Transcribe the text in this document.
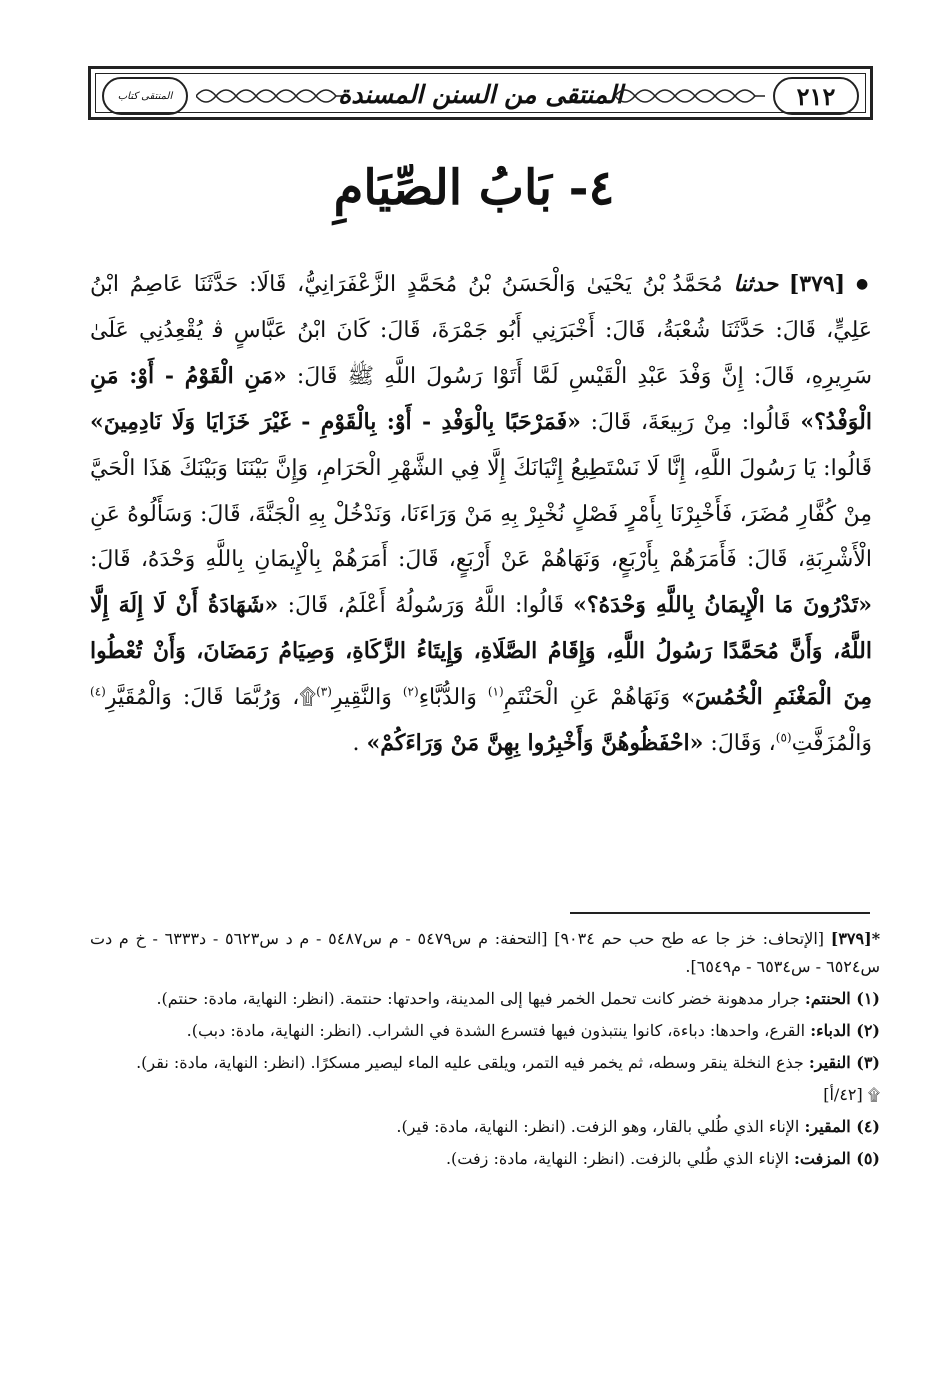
المنتقى كتاب	المنتقى من السنن المسندة	٢١٢
٤- بَابُ الصِّيَامِ

● [٣٧٩] حدثنا مُحَمَّدُ بْنُ يَحْيَىٰ وَالْحَسَنُ بْنُ مُحَمَّدٍ الزَّعْفَرَانِيُّ، قَالَا: حَدَّثَنَا عَاصِمُ ابْنُ عَلِيٍّ، قَالَ: حَدَّثَنَا شُعْبَةُ، قَالَ: أَخْبَرَنِي أَبُو جَمْرَةَ، قَالَ: كَانَ ابْنُ عَبَّاسٍ ﭬ يُقْعِدُنِي عَلَىٰ سَرِيرِهِ، قَالَ: إِنَّ وَفْدَ عَبْدِ الْقَيْسِ لَمَّا أَتَوْا رَسُولَ اللَّهِ ﷺ قَالَ: «مَنِ الْقَوْمُ - أَوْ: مَنِ الْوَفْدُ؟» قَالُوا: مِنْ رَبِيعَةَ، قَالَ: «فَمَرْحَبًا بِالْوَفْدِ - أَوْ: بِالْقَوْمِ - غَيْرَ خَزَايَا وَلَا نَادِمِينَ» قَالُوا: يَا رَسُولَ اللَّهِ، إِنَّا لَا نَسْتَطِيعُ إِتْيَانَكَ إِلَّا فِي الشَّهْرِ الْحَرَامِ، وَإِنَّ بَيْنَنَا وَبَيْنَكَ هَذَا الْحَيَّ مِنْ كُفَّارِ مُضَرَ، فَأَخْبِرْنَا بِأَمْرٍ فَصْلٍ نُخْبِرْ بِهِ مَنْ وَرَاءَنَا، وَنَدْخُلْ بِهِ الْجَنَّةَ، قَالَ: وَسَأَلُوهُ عَنِ الْأَشْرِبَةِ، قَالَ: فَأَمَرَهُمْ بِأَرْبَعٍ، وَنَهَاهُمْ عَنْ أَرْبَعٍ، قَالَ: أَمَرَهُمْ بِالْإِيمَانِ بِاللَّهِ وَحْدَهُ، قَالَ: «تَدْرُونَ مَا الْإِيمَانُ بِاللَّهِ وَحْدَهُ؟» قَالُوا: اللَّهُ وَرَسُولُهُ أَعْلَمُ، قَالَ: «شَهَادَةُ أَنْ لَا إِلَهَ إِلَّا اللَّهُ، وَأَنَّ مُحَمَّدًا رَسُولُ اللَّهِ، وَإِقَامُ الصَّلَاةِ، وَإِيتَاءُ الزَّكَاةِ، وَصِيَامُ رَمَضَانَ، وَأَنْ تُعْطُوا مِنَ الْمَغْنَمِ الْخُمُسَ» وَنَهَاهُمْ عَنِ الْحَنْتَمِ$^{(١)}$ وَالدُّبَّاءِ$^{(٢)}$ وَالنَّقِيرِ$^{(٣)}$۩، وَرُبَّمَا قَالَ: وَالْمُقَيَّرِ$^{(٤)}$ وَالْمُزَفَّتِ$^{(٥)}$، وَقَالَ: «احْفَظُوهُنَّ وَأَخْبِرُوا بِهِنَّ مَنْ وَرَاءَكُمْ» .

*[٣٧٩] [الإتحاف: خز جا عه طح حب حم ٩٠٣٤] [التحفة: م س٥٤٧٩ - م س٥٤٨٧ - م د س٥٦٢٣ - د٦٣٣٣ - خ م دت س٦٥٢٤ - س٦٥٣٤ - م٦٥٤٩].

(١) الحنتم: جرار مدهونة خضر كانت تحمل الخمر فيها إلى المدينة، واحدتها: حنتمة. (انظر: النهاية، مادة: حنتم).

(٢) الدباء: القرع، واحدها: دباءة، كانوا ينتبذون فيها فتسرع الشدة في الشراب. (انظر: النهاية، مادة: دبب).

(٣) النقير: جذع النخلة ينقر وسطه، ثم يخمر فيه التمر، ويلقى عليه الماء ليصير مسكرًا. (انظر: النهاية، مادة: نقر).

۩ [٤٢/أ]

(٤) المقير: الإناء الذي طُلي بالقار، وهو الزفت. (انظر: النهاية، مادة: قير).

(٥) المزفت: الإناء الذي طُلي بالزفت. (انظر: النهاية، مادة: زفت).
